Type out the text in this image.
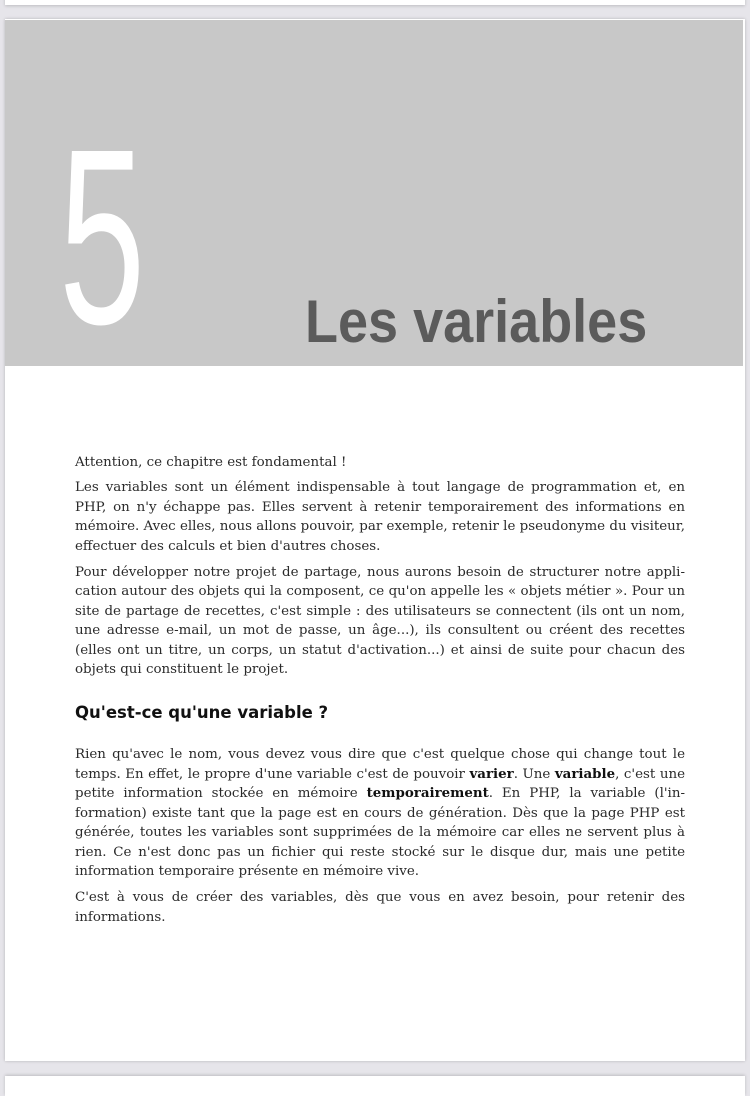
5	Les variables

Attention, ce chapitre est fondamental !

Les variables sont un élément indispensable à tout langage de programmation et, en PHP, on n'y échappe pas. Elles servent à retenir temporairement des informations en mémoire. Avec elles, nous allons pouvoir, par exemple, retenir le pseudonyme du visiteur, effectuer des calculs et bien d'autres choses.

Pour développer notre projet de partage, nous aurons besoin de structurer notre application autour des objets qui la composent, ce qu'on appelle les « objets métier ». Pour un site de partage de recettes, c'est simple : des utilisateurs se connectent (ils ont un nom, une adresse e-mail, un mot de passe, un âge...), ils consultent ou créent des recettes (elles ont un titre, un corps, un statut d'activation...) et ainsi de suite pour chacun des objets qui constituent le projet.

Qu'est-ce qu'une variable ?

Rien qu'avec le nom, vous devez vous dire que c'est quelque chose qui change tout le temps. En effet, le propre d'une variable c'est de pouvoir varier. Une variable, c'est une petite information stockée en mémoire temporairement. En PHP, la variable (l'information) existe tant que la page est en cours de génération. Dès que la page PHP est générée, toutes les variables sont supprimées de la mémoire car elles ne servent plus à rien. Ce n'est donc pas un fichier qui reste stocké sur le disque dur, mais une petite information temporaire présente en mémoire vive.

C'est à vous de créer des variables, dès que vous en avez besoin, pour retenir des informations.
